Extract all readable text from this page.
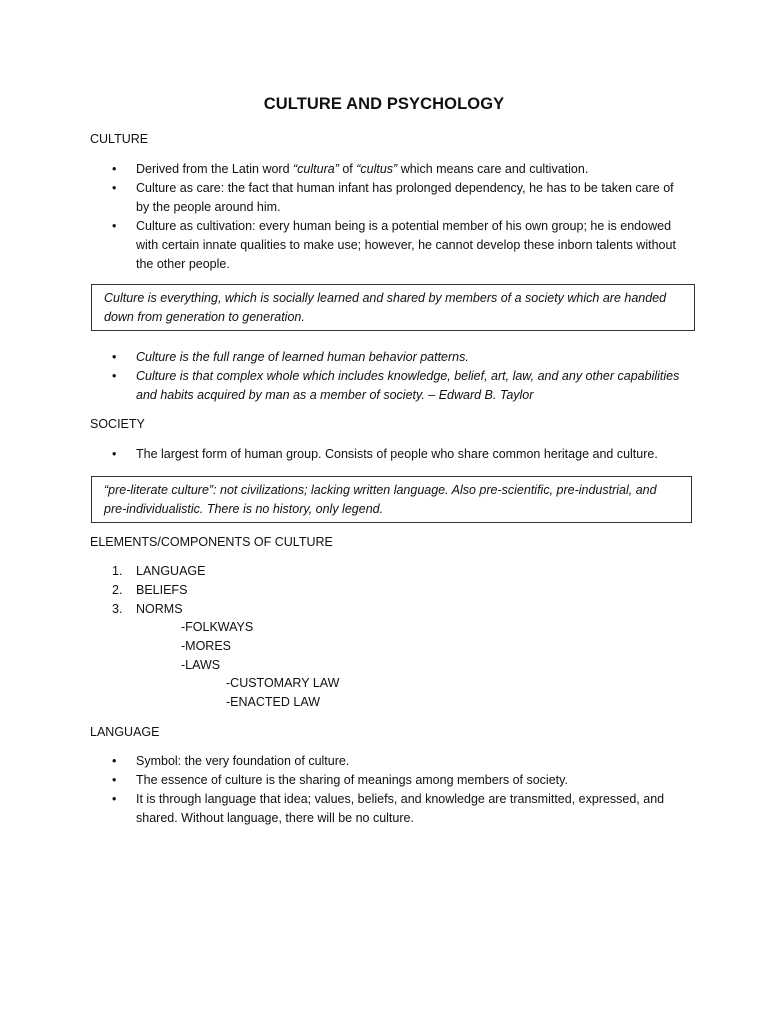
CULTURE AND PSYCHOLOGY
CULTURE
• Derived from the Latin word “cultura” of “cultus” which means care and cultivation.
• Culture as care: the fact that human infant has prolonged dependency, he has to be taken care of by the people around him.
• Culture as cultivation: every human being is a potential member of his own group; he is endowed with certain innate qualities to make use; however, he cannot develop these inborn talents without the other people.
Culture is everything, which is socially learned and shared by members of a society which are handed down from generation to generation.
• Culture is the full range of learned human behavior patterns.
• Culture is that complex whole which includes knowledge, belief, art, law, and any other capabilities and habits acquired by man as a member of society. – Edward B. Taylor
SOCIETY
• The largest form of human group. Consists of people who share common heritage and culture.
“pre-literate culture”: not civilizations; lacking written language. Also pre-scientific, pre-industrial, and pre-individualistic. There is no history, only legend.
ELEMENTS/COMPONENTS OF CULTURE
1. LANGUAGE
2. BELIEFS
3. NORMS
-FOLKWAYS
-MORES
-LAWS
-CUSTOMARY LAW
-ENACTED LAW
LANGUAGE
• Symbol: the very foundation of culture.
• The essence of culture is the sharing of meanings among members of society.
• It is through language that idea; values, beliefs, and knowledge are transmitted, expressed, and shared. Without language, there will be no culture.
